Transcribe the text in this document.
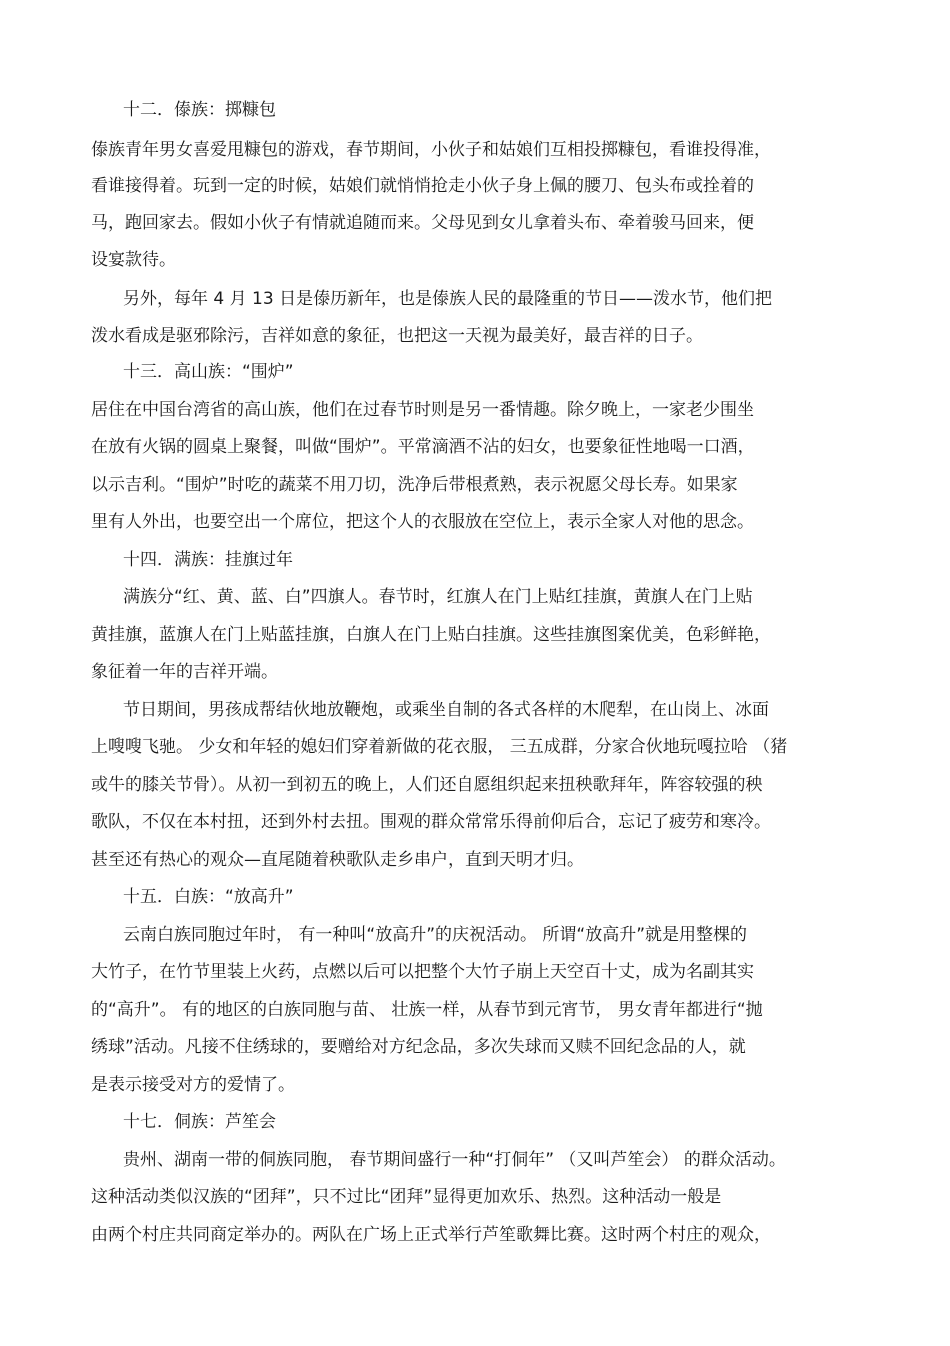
十二．傣族：掷糠包
傣族青年男女喜爱甩糠包的游戏，春节期间，小伙子和姑娘们互相投掷糠包，看谁投得准，
看谁接得着。玩到一定的时候，姑娘们就悄悄抢走小伙子身上佩的腰刀、包头布或拴着的
马，跑回家去。假如小伙子有情就追随而来。父母见到女儿拿着头布、牵着骏马回来，便
设宴款待。
另外，每年 4 月 13 日是傣历新年，也是傣族人民的最隆重的节日——泼水节，他们把
泼水看成是驱邪除污，吉祥如意的象征，也把这一天视为最美好，最吉祥的日子。
十三．高山族：“围炉”
居住在中国台湾省的高山族，他们在过春节时则是另一番情趣。除夕晚上，一家老少围坐
在放有火锅的圆桌上聚餐，叫做“围炉”。平常滴酒不沾的妇女，也要象征性地喝一口酒，
以示吉利。“围炉”时吃的蔬菜不用刀切，洗净后带根煮熟，表示祝愿父母长寿。如果家
里有人外出，也要空出一个席位，把这个人的衣服放在空位上，表示全家人对他的思念。
十四．满族：挂旗过年
满族分“红、黄、蓝、白”四旗人。春节时，红旗人在门上贴红挂旗，黄旗人在门上贴
黄挂旗，蓝旗人在门上贴蓝挂旗，白旗人在门上贴白挂旗。这些挂旗图案优美，色彩鲜艳，
象征着一年的吉祥开端。
节日期间，男孩成帮结伙地放鞭炮，或乘坐自制的各式各样的木爬犁，在山岗上、冰面
上嗖嗖飞驰。 少女和年轻的媳妇们穿着新做的花衣服， 三五成群，分家合伙地玩嘎拉哈 （猪
或牛的膝关节骨）。从初一到初五的晚上，人们还自愿组织起来扭秧歌拜年，阵容较强的秧
歌队，不仅在本村扭，还到外村去扭。围观的群众常常乐得前仰后合，忘记了疲劳和寒冷。
甚至还有热心的观众—直尾随着秧歌队走乡串户，直到天明才归。
十五．白族：“放高升”
云南白族同胞过年时， 有一种叫“放高升”的庆祝活动。 所谓“放高升”就是用整棵的
大竹子，在竹节里装上火药，点燃以后可以把整个大竹子崩上天空百十丈，成为名副其实
的“高升”。 有的地区的白族同胞与苗、 壮族一样，从春节到元宵节， 男女青年都进行“抛
绣球”活动。凡接不住绣球的，要赠给对方纪念品，多次失球而又赎不回纪念品的人，就
是表示接受对方的爱情了。
十七．侗族：芦笙会
贵州、湖南一带的侗族同胞， 春节期间盛行一种“打侗年” （又叫芦笙会） 的群众活动。
这种活动类似汉族的“团拜”，只不过比“团拜”显得更加欢乐、热烈。这种活动一般是
由两个村庄共同商定举办的。两队在广场上正式举行芦笙歌舞比赛。这时两个村庄的观众，
